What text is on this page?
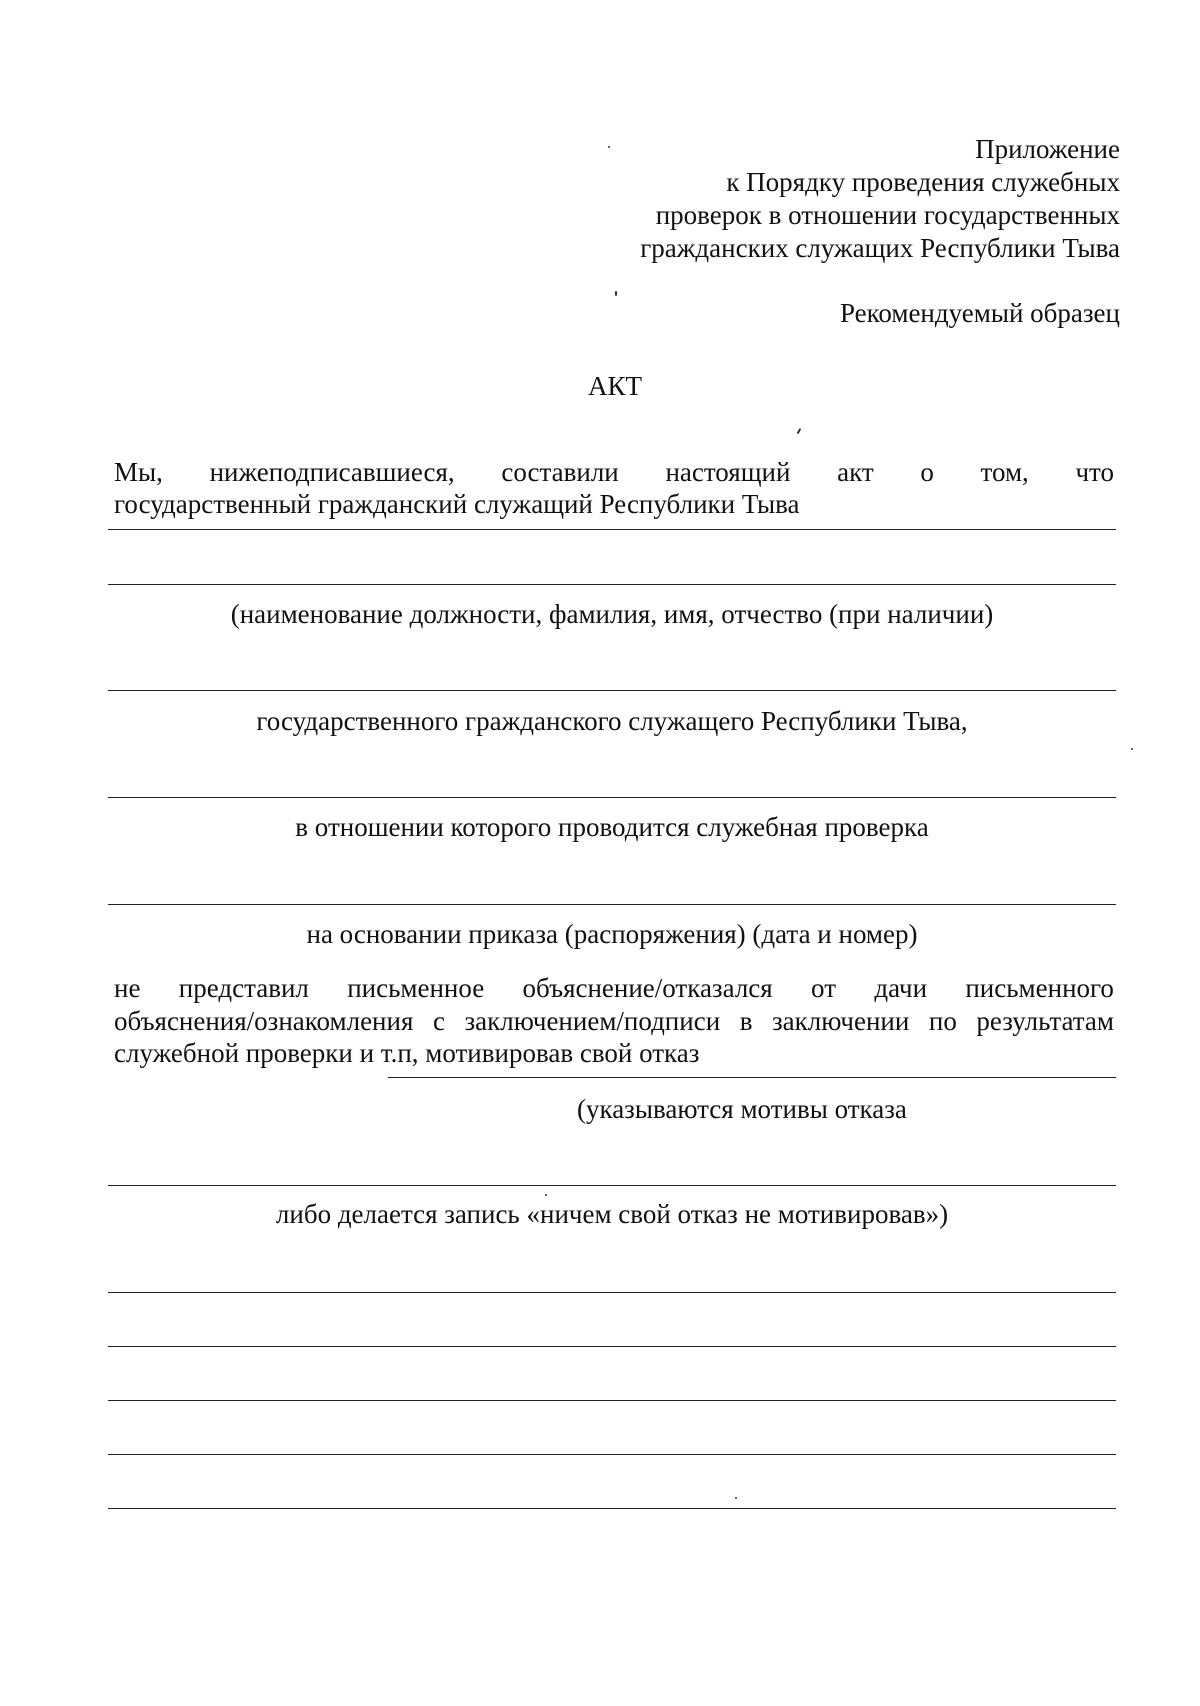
Приложение
к Порядку проведения служебных
проверок в отношении государственных
гражданских служащих Республики Тыва
Рекомендуемый образец
АКТ
Мы, нижеподписавшиеся, составили настоящий акт о том, что
государственный гражданский служащий Республики Тыва
(наименование должности, фамилия, имя, отчество (при наличии)
государственного гражданского служащего Республики Тыва,
в отношении которого проводится служебная проверка
на основании приказа (распоряжения) (дата и номер)
не представил письменное объяснение/отказался от дачи письменного
объяснения/ознакомления с заключением/подписи в заключении по результатам
служебной проверки и т.п, мотивировав свой отказ
(указываются мотивы отказа
либо делается запись «ничем свой отказ не мотивировав»)
